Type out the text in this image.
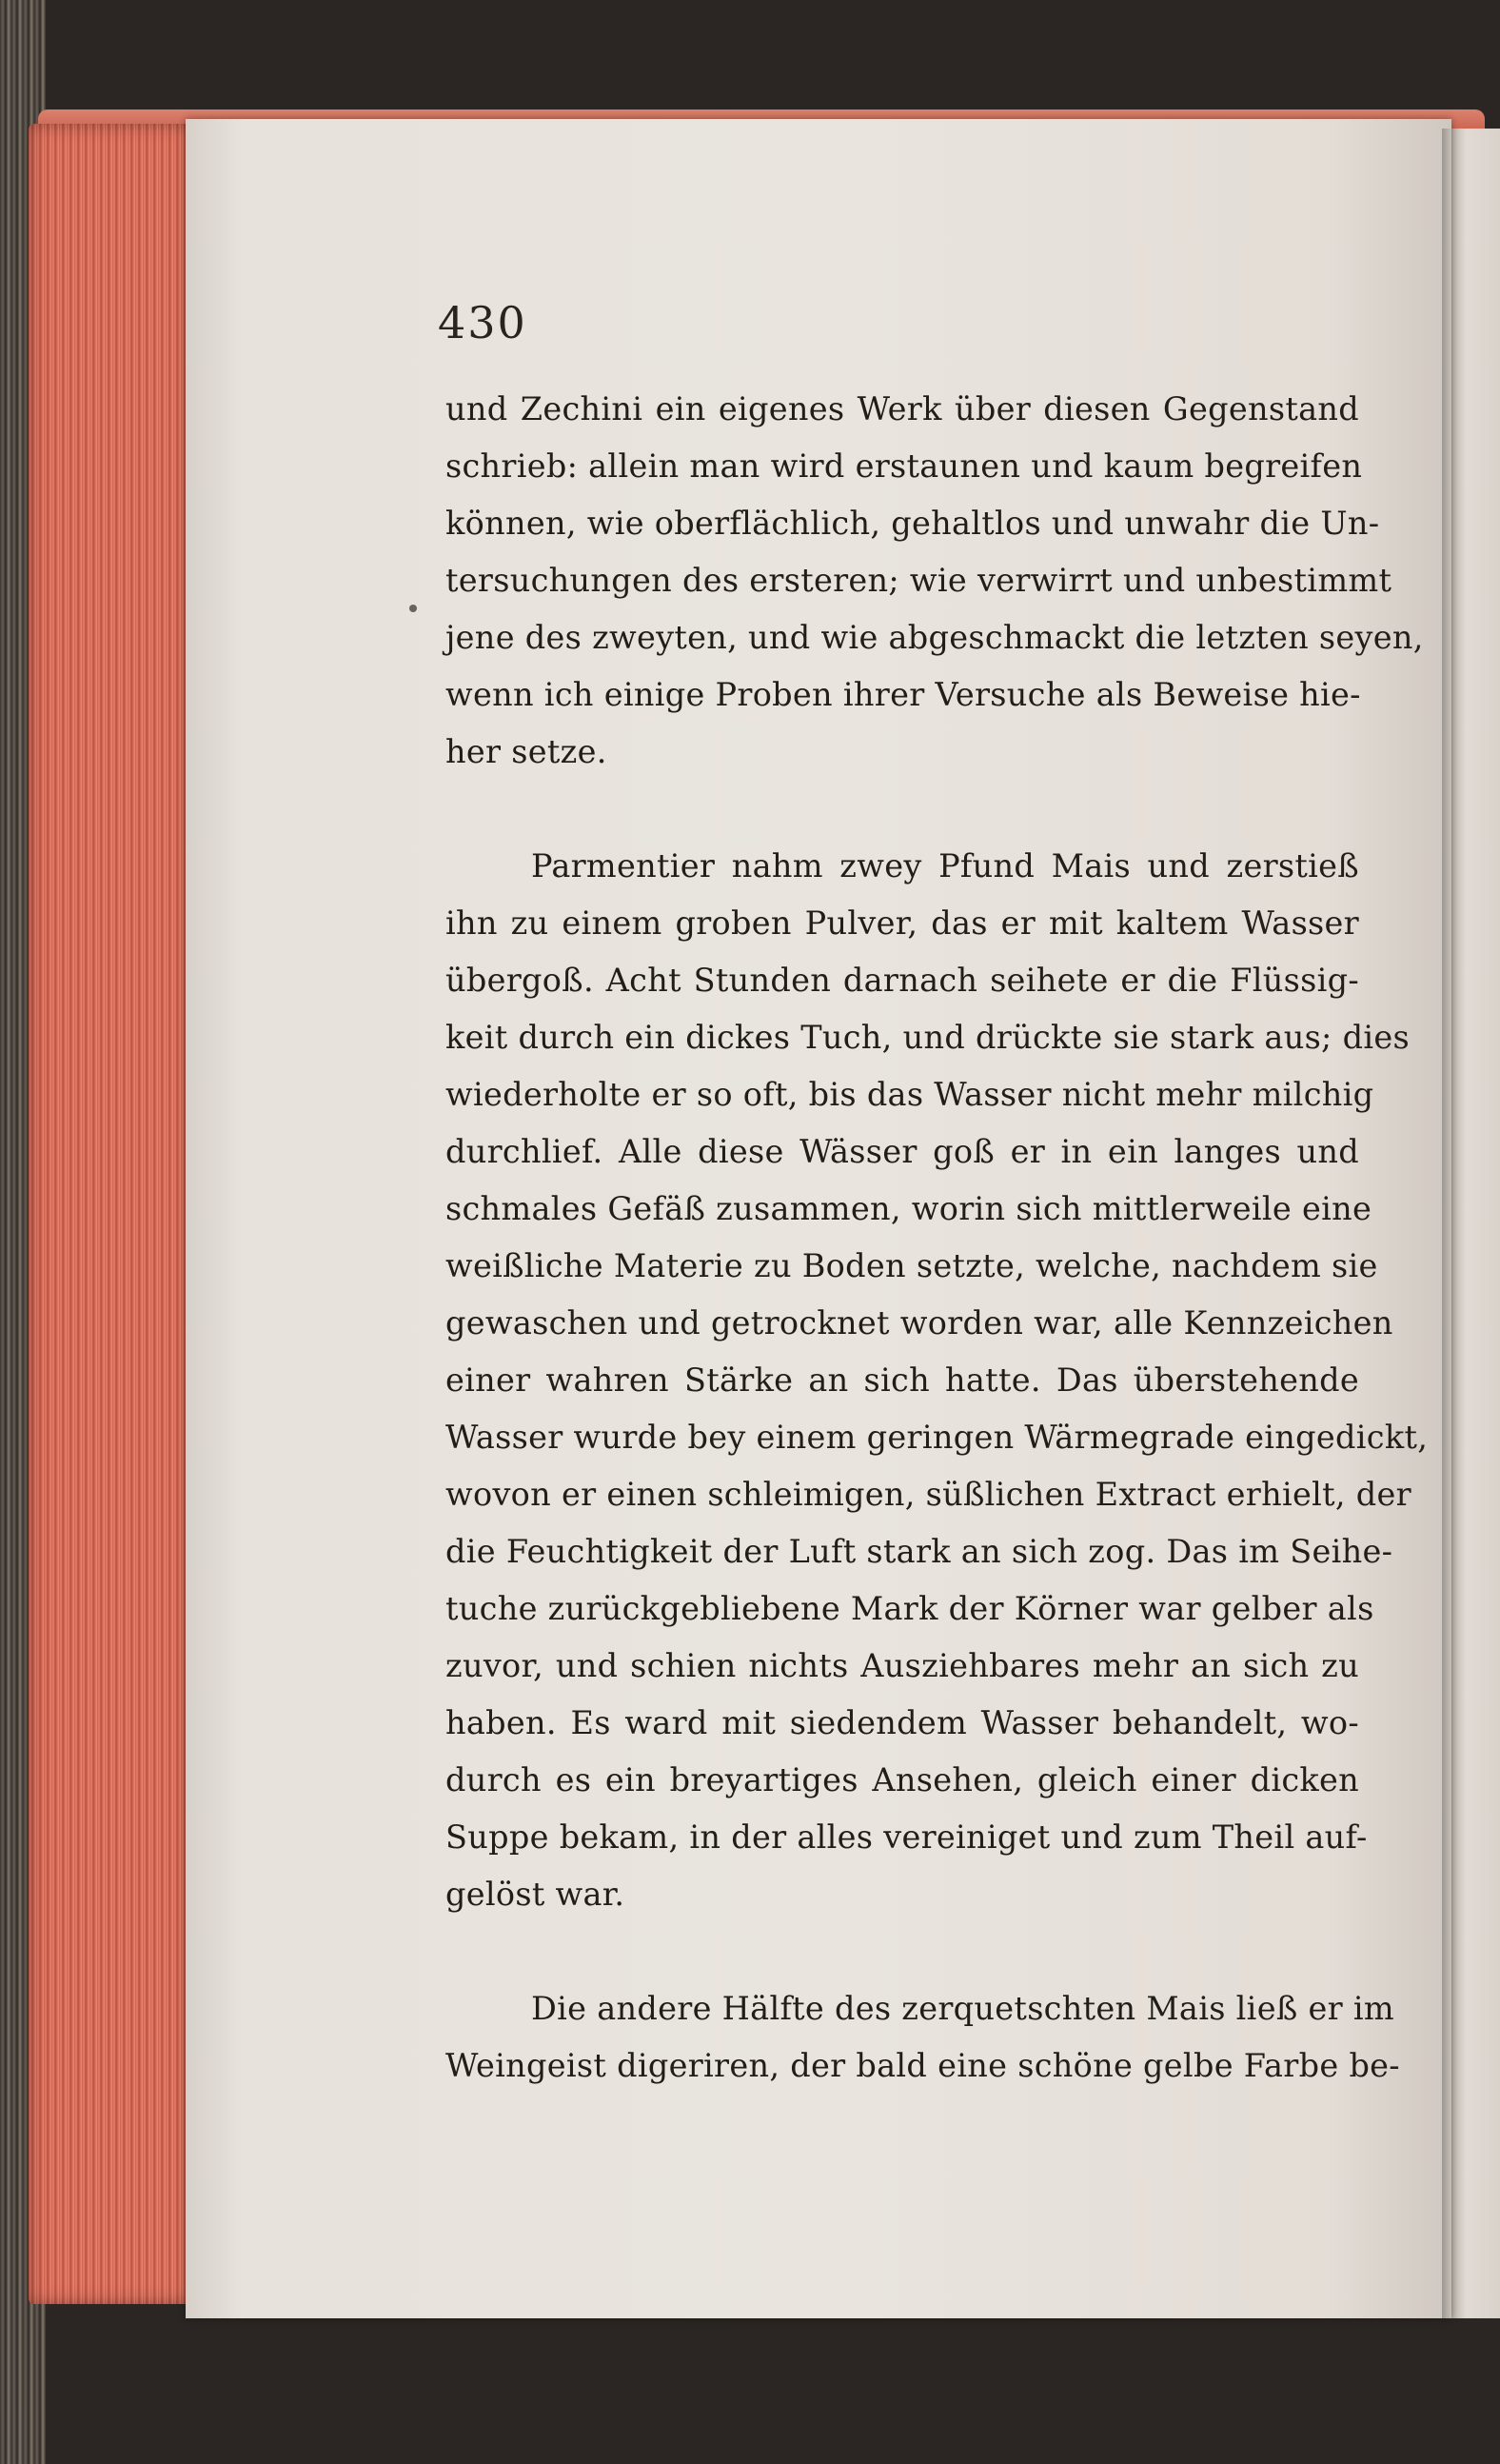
430
und Zechini ein eigenes Werk über diesen Gegenstand
schrieb: allein man wird erstaunen und kaum begreifen
können, wie oberflächlich, gehaltlos und unwahr die Un-
tersuchungen des ersteren; wie verwirrt und unbestimmt
jene des zweyten, und wie abgeschmackt die letzten seyen,
wenn ich einige Proben ihrer Versuche als Beweise hie-
her setze.
Parmentier nahm zwey Pfund Mais und zerstieß
ihn zu einem groben Pulver, das er mit kaltem Wasser
übergoß. Acht Stunden darnach seihete er die Flüssig-
keit durch ein dickes Tuch, und drückte sie stark aus; dies
wiederholte er so oft, bis das Wasser nicht mehr milchig
durchlief. Alle diese Wässer goß er in ein langes und
schmales Gefäß zusammen, worin sich mittlerweile eine
weißliche Materie zu Boden setzte, welche, nachdem sie
gewaschen und getrocknet worden war, alle Kennzeichen
einer wahren Stärke an sich hatte. Das überstehende
Wasser wurde bey einem geringen Wärmegrade eingedickt,
wovon er einen schleimigen, süßlichen Extract erhielt, der
die Feuchtigkeit der Luft stark an sich zog. Das im Seihe-
tuche zurückgebliebene Mark der Körner war gelber als
zuvor, und schien nichts Ausziehbares mehr an sich zu
haben. Es ward mit siedendem Wasser behandelt, wo-
durch es ein breyartiges Ansehen, gleich einer dicken
Suppe bekam, in der alles vereiniget und zum Theil auf-
gelöst war.
Die andere Hälfte des zerquetschten Mais ließ er im
Weingeist digeriren, der bald eine schöne gelbe Farbe be-
